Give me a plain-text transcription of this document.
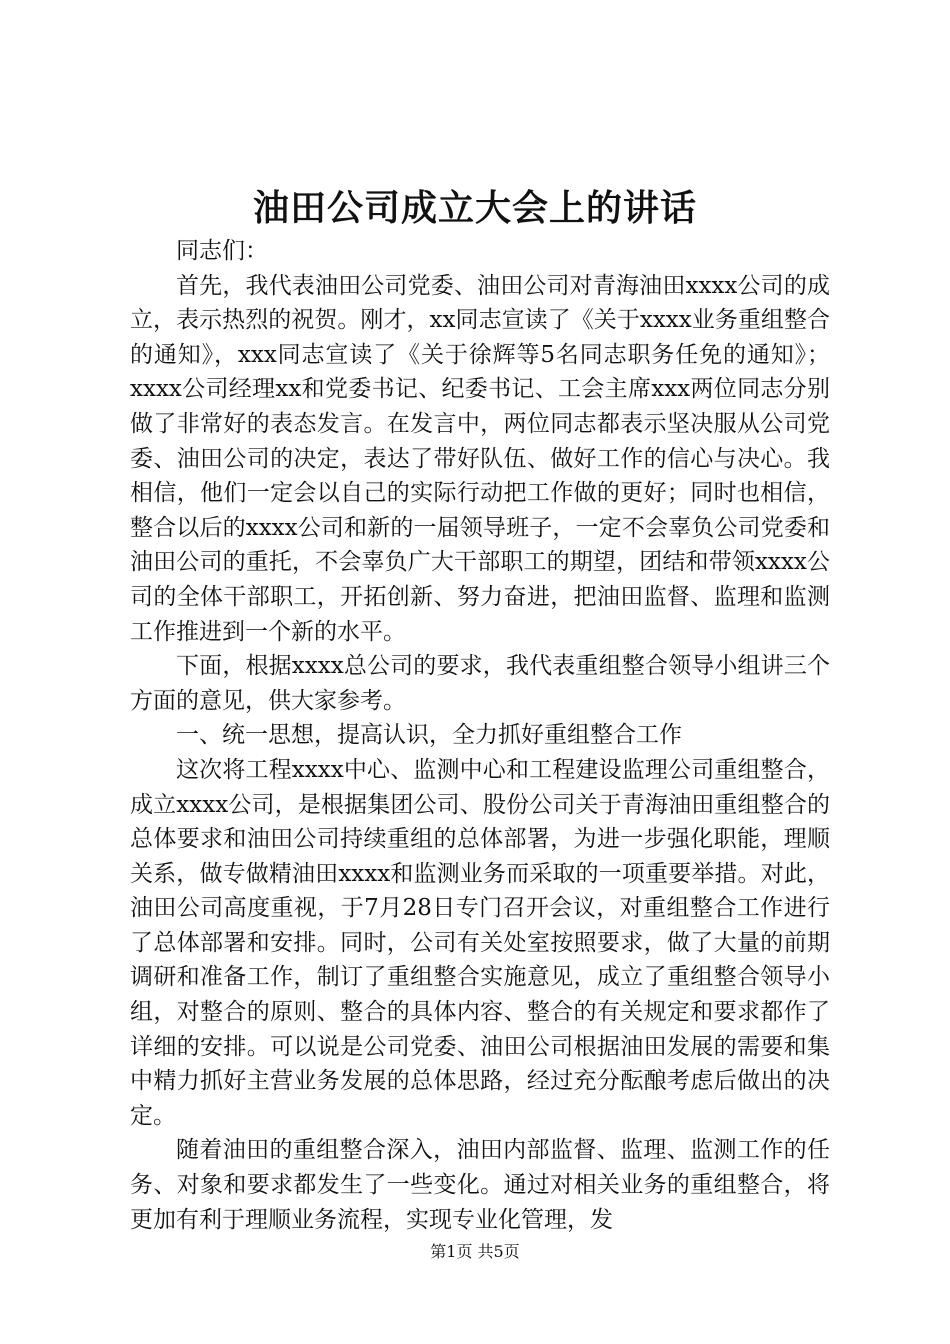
油田公司成立大会上的讲话

同志们：

首先，我代表油田公司党委、油田公司对青海油田xxxx公司的成立，表示热烈的祝贺。刚才，xx同志宣读了《关于xxxx业务重组整合的通知》，xxx同志宣读了《关于徐辉等5名同志职务任免的通知》；xxxx公司经理xx和党委书记、纪委书记、工会主席xxx两位同志分别做了非常好的表态发言。在发言中，两位同志都表示坚决服从公司党委、油田公司的决定，表达了带好队伍、做好工作的信心与决心。我相信，他们一定会以自己的实际行动把工作做的更好；同时也相信，整合以后的xxxx公司和新的一届领导班子，一定不会辜负公司党委和油田公司的重托，不会辜负广大干部职工的期望，团结和带领xxxx公司的全体干部职工，开拓创新、努力奋进，把油田监督、监理和监测工作推进到一个新的水平。

下面，根据xxxx总公司的要求，我代表重组整合领导小组讲三个方面的意见，供大家参考。

一、统一思想，提高认识，全力抓好重组整合工作

这次将工程xxxx中心、监测中心和工程建设监理公司重组整合，成立xxxx公司，是根据集团公司、股份公司关于青海油田重组整合的总体要求和油田公司持续重组的总体部署，为进一步强化职能，理顺关系，做专做精油田xxxx和监测业务而采取的一项重要举措。对此，油田公司高度重视，于7月28日专门召开会议，对重组整合工作进行了总体部署和安排。同时，公司有关处室按照要求，做了大量的前期调研和准备工作，制订了重组整合实施意见，成立了重组整合领导小组，对整合的原则、整合的具体内容、整合的有关规定和要求都作了详细的安排。可以说是公司党委、油田公司根据油田发展的需要和集中精力抓好主营业务发展的总体思路，经过充分酝酿考虑后做出的决定。

随着油田的重组整合深入，油田内部监督、监理、监测工作的任务、对象和要求都发生了一些变化。通过对相关业务的重组整合，将更加有利于理顺业务流程，实现专业化管理，发

第1页 共5页
